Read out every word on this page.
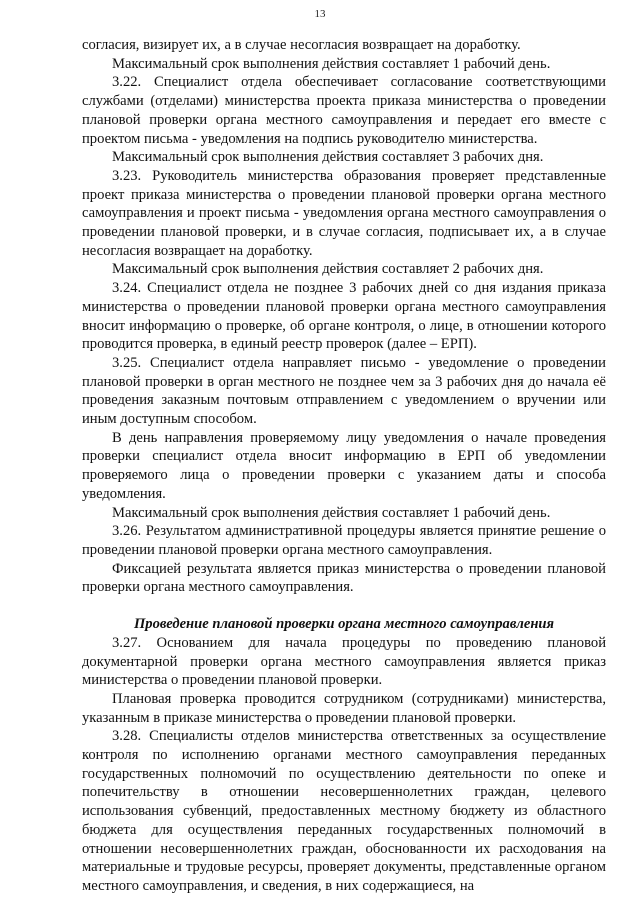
13

согласия, визирует их, а в случае несогласия возвращает на доработку.

Максимальный срок выполнения действия составляет 1 рабочий день.

3.22. Специалист отдела обеспечивает согласование соответствующими службами (отделами) министерства проекта приказа министерства о проведении плановой проверки органа местного самоуправления и передает его вместе с проектом письма - уведомления на подпись руководителю министерства.

Максимальный срок выполнения действия составляет 3 рабочих дня.

3.23. Руководитель министерства образования проверяет представленные проект приказа министерства о проведении плановой проверки органа местного самоуправления и проект письма - уведомления органа местного самоуправления о проведении плановой проверки, и в случае согласия, подписывает их, а в случае несогласия возвращает на доработку.

Максимальный срок выполнения действия составляет 2 рабочих дня.

3.24. Специалист отдела не позднее 3 рабочих дней со дня издания приказа министерства о проведении плановой проверки органа местного самоуправления вносит информацию о проверке, об органе контроля, о лице, в отношении которого проводится проверка, в единый реестр проверок (далее – ЕРП).

3.25. Специалист отдела направляет письмо - уведомление о проведении плановой проверки в орган местного не позднее чем за 3 рабочих дня до начала её проведения заказным почтовым отправлением с уведомлением о вручении или иным доступным способом.

В день направления проверяемому лицу уведомления о начале проведения проверки специалист отдела вносит информацию в ЕРП об уведомлении проверяемого лица о проведении проверки с указанием даты и способа уведомления.

Максимальный срок выполнения действия составляет 1 рабочий день.

3.26. Результатом административной процедуры является принятие решение о проведении плановой проверки органа местного самоуправления.

Фиксацией результата является приказ министерства о проведении плановой проверки органа местного самоуправления.

Проведение плановой проверки органа местного самоуправления

3.27. Основанием для начала процедуры по проведению плановой документарной проверки органа местного самоуправления является приказ министерства о проведении плановой проверки.

Плановая проверка проводится сотрудником (сотрудниками) министерства, указанным в приказе министерства о проведении плановой проверки.

3.28. Специалисты отделов министерства ответственных за осуществление контроля по исполнению органами местного самоуправления переданных государственных полномочий по осуществлению деятельности по опеке и попечительству в отношении несовершеннолетних граждан, целевого использования субвенций, предоставленных местному бюджету из областного бюджета для осуществления переданных государственных полномочий в отношении несовершеннолетних граждан, обоснованности их расходования на материальные и трудовые ресурсы, проверяет документы, представленные органом местного самоуправления, и сведения, в них содержащиеся, на
